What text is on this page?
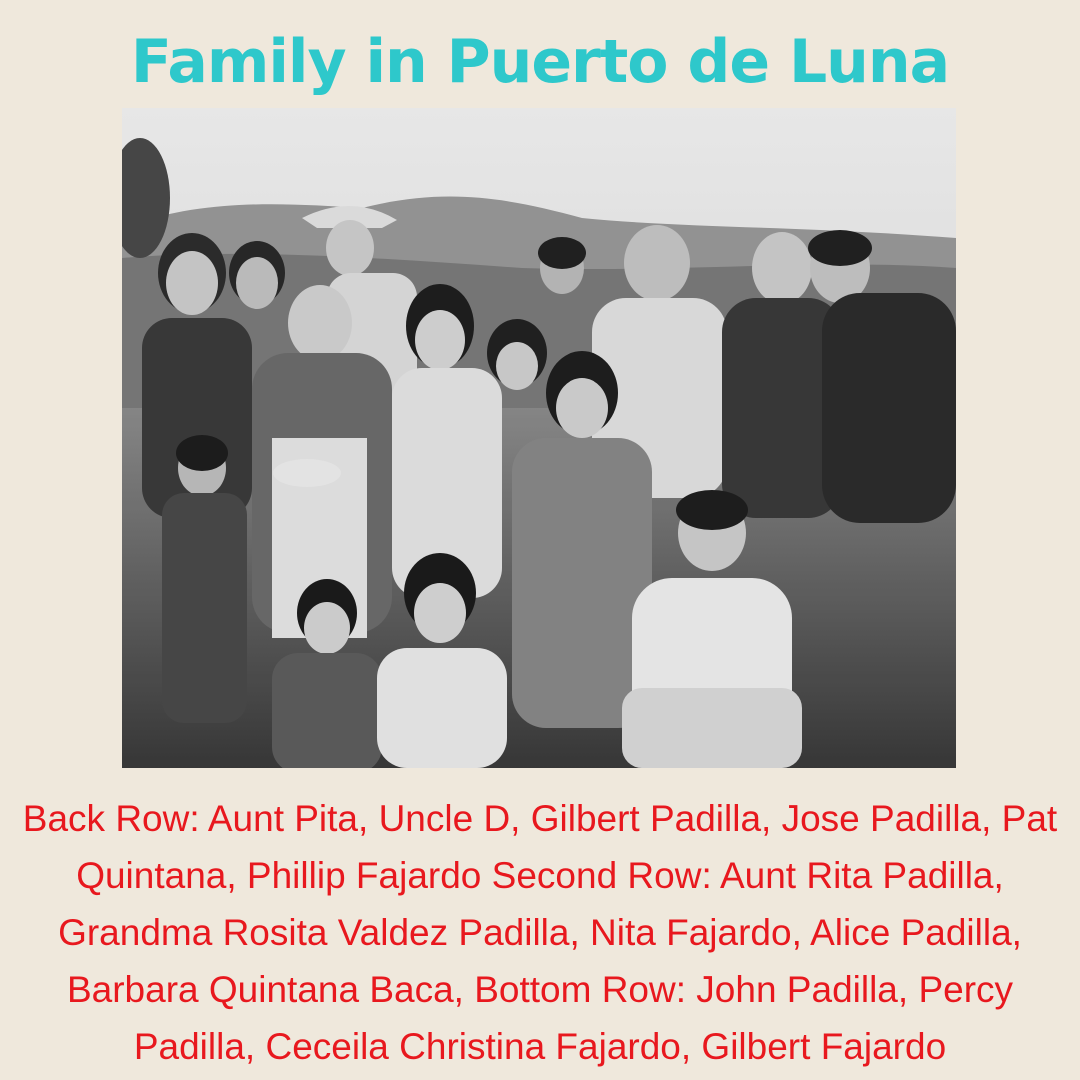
Family in Puerto de Luna
Back Row: Aunt Pita, Uncle D, Gilbert Padilla, Jose Padilla, Pat Quintana, Phillip Fajardo Second Row: Aunt Rita Padilla, Grandma Rosita Valdez Padilla, Nita Fajardo, Alice Padilla, Barbara Quintana Baca, Bottom Row: John Padilla, Percy Padilla, Ceceila Christina Fajardo, Gilbert Fajardo
